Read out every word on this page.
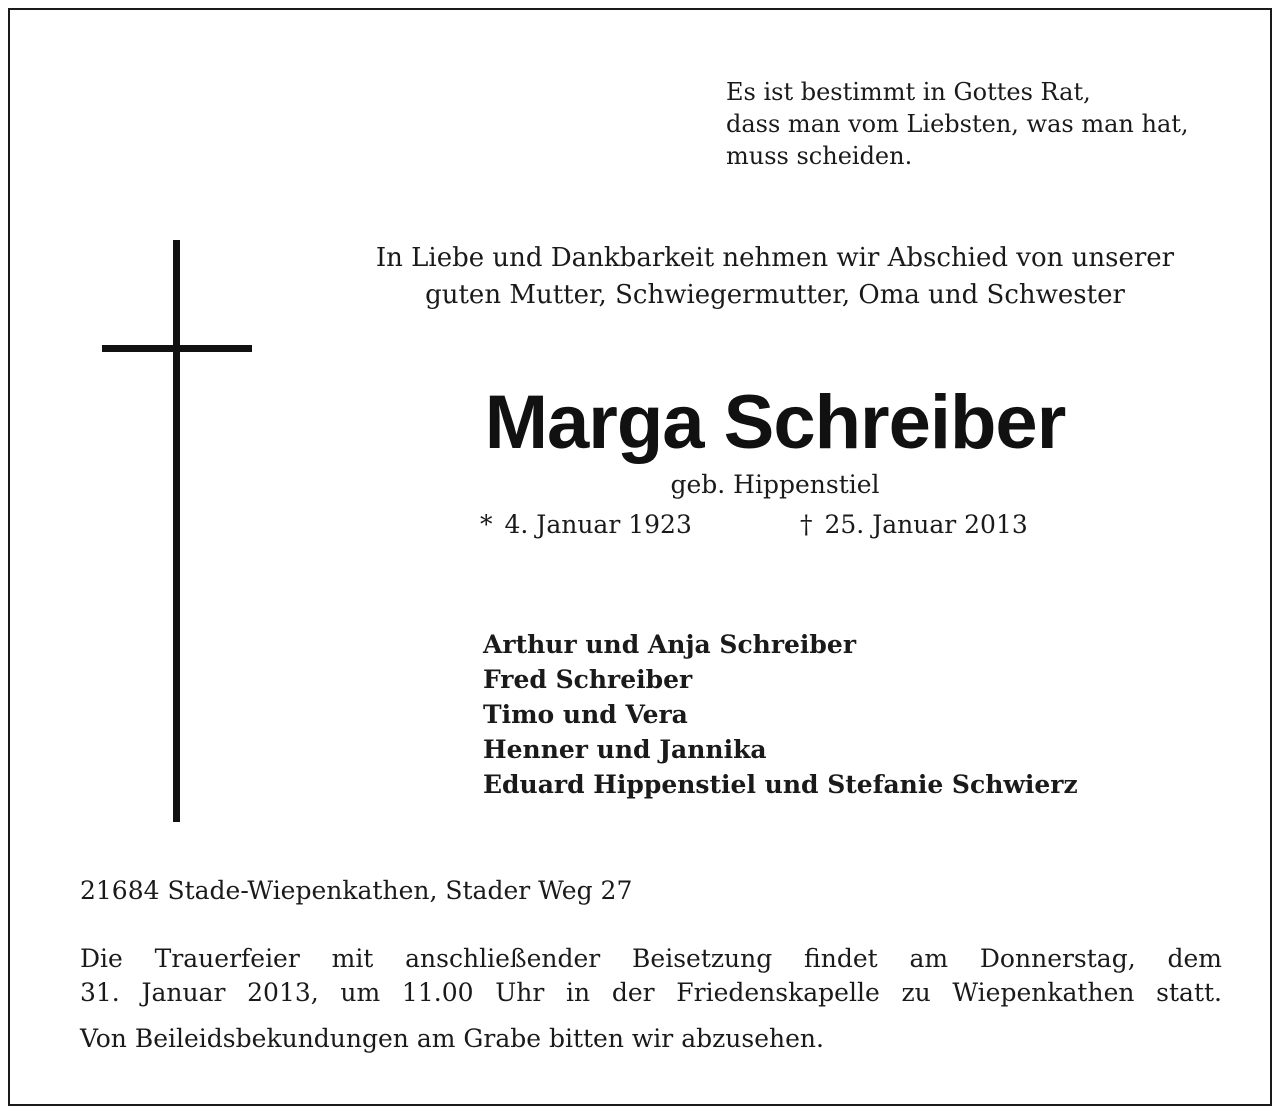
Es ist bestimmt in Gottes Rat,
dass man vom Liebsten, was man hat,
muss scheiden.
In Liebe und Dankbarkeit nehmen wir Abschied von unserer
guten Mutter, Schwiegermutter, Oma und Schwester
Marga Schreiber
geb. Hippenstiel
* 4. Januar 1923	† 25. Januar 2013
Arthur und Anja Schreiber
Fred Schreiber
Timo und Vera
Henner und Jannika
Eduard Hippenstiel und Stefanie Schwierz
21684 Stade-Wiepenkathen, Stader Weg 27
Die Trauerfeier mit anschließender Beisetzung findet am Donnerstag, dem
31. Januar 2013, um 11.00 Uhr in der Friedenskapelle zu Wiepenkathen statt.
Von Beileidsbekundungen am Grabe bitten wir abzusehen.
